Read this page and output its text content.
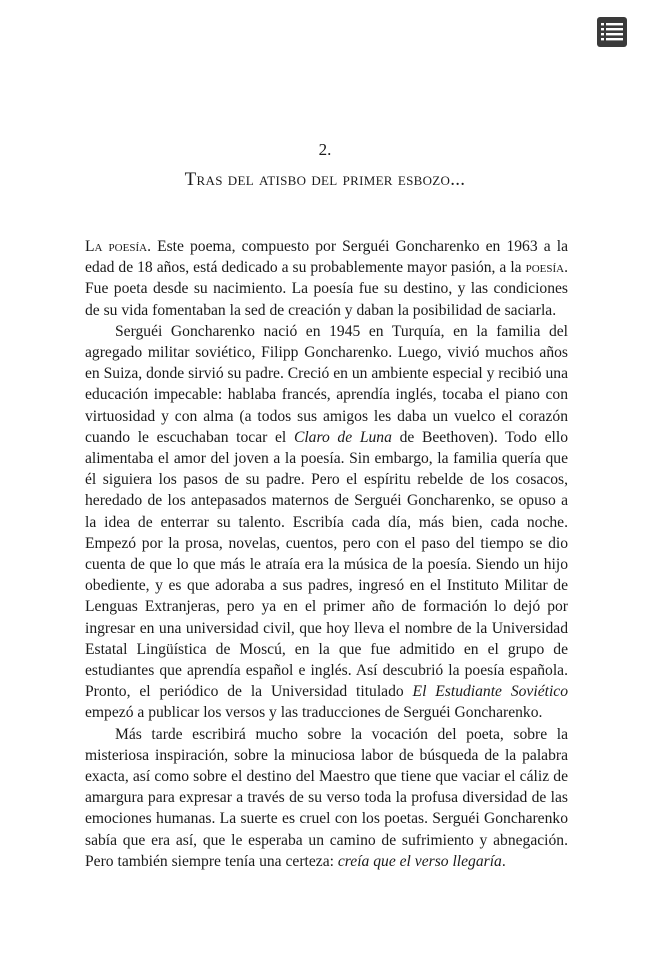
2.
Tras del atisbo del primer esbozo...

La poesía. Este poema, compuesto por Serguéi Goncharenko en 1963 a la edad de 18 años, está dedicado a su probablemente mayor pasión, a la poesía. Fue poeta desde su nacimiento. La poesía fue su destino, y las condiciones de su vida fomentaban la sed de creación y daban la posibilidad de saciarla.

Serguéi Goncharenko nació en 1945 en Turquía, en la familia del agregado militar soviético, Filipp Goncharenko. Luego, vivió muchos años en Suiza, donde sirvió su padre. Creció en un ambiente especial y recibió una educación impecable: hablaba francés, aprendía inglés, tocaba el piano con virtuosidad y con alma (a todos sus amigos les daba un vuelco el corazón cuando le escuchaban tocar el Claro de Luna de Beethoven). Todo ello alimentaba el amor del joven a la poesía. Sin embargo, la familia quería que él siguiera los pasos de su padre. Pero el espíritu rebelde de los cosacos, heredado de los antepasados maternos de Serguéi Goncharenko, se opuso a la idea de enterrar su talento. Escribía cada día, más bien, cada noche. Empezó por la prosa, novelas, cuentos, pero con el paso del tiempo se dio cuenta de que lo que más le atraía era la música de la poesía. Siendo un hijo obediente, y es que adoraba a sus padres, ingresó en el Instituto Militar de Lenguas Extranjeras, pero ya en el primer año de formación lo dejó por ingresar en una universidad civil, que hoy lleva el nombre de la Universidad Estatal Lingüística de Moscú, en la que fue admitido en el grupo de estudiantes que aprendía español e inglés. Así descubrió la poesía española. Pronto, el periódico de la Universidad titulado El Estudiante Soviético empezó a publicar los versos y las traducciones de Serguéi Goncharenko.

Más tarde escribirá mucho sobre la vocación del poeta, sobre la misteriosa inspiración, sobre la minuciosa labor de búsqueda de la palabra exacta, así como sobre el destino del Maestro que tiene que vaciar el cáliz de amargura para expresar a través de su verso toda la profusa diversidad de las emociones humanas. La suerte es cruel con los poetas. Serguéi Goncharenko sabía que era así, que le esperaba un camino de sufrimiento y abnegación. Pero también siempre tenía una certeza: creía que el verso llegaría.
